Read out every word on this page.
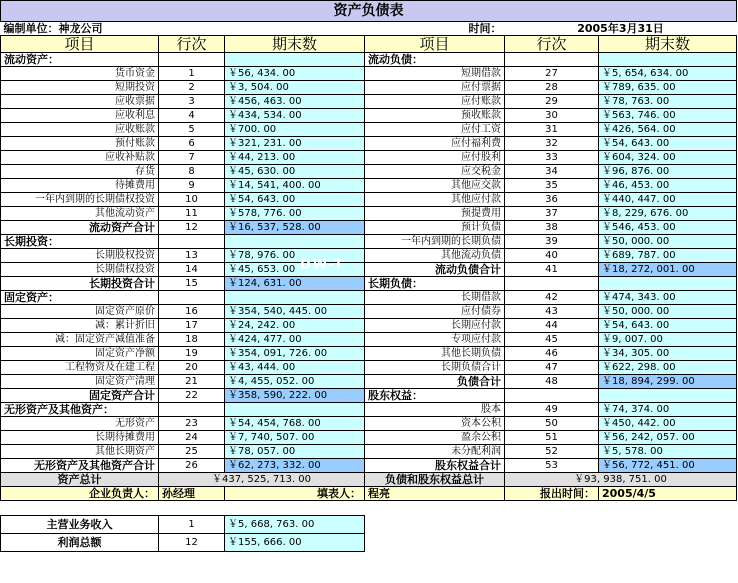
资产负债表					
编制单位：神龙公司			时间：	2005年3月31日	
项目	行次	期末数	项目	行次	期末数
流动资产：			流动负债：		
货币资金	1	￥56, 434. 00	短期借款	27	￥5, 654, 634. 00
短期投资	2	￥3, 504. 00	应付票据	28	￥789, 635. 00
应收票据	3	￥456, 463. 00	应付账款	29	￥78, 763. 00
应收利息	4	￥434, 534. 00	预收账款	30	￥563, 746. 00
应收账款	5	￥700. 00	应付工资	31	￥426, 564. 00
预付账款	6	￥321, 231. 00	应付福利费	32	￥54, 643. 00
应收补贴款	7	￥44, 213. 00	应付股利	33	￥604, 324. 00
存货	8	￥45, 630. 00	应交税金	34	￥96, 876. 00
待摊费用	9	￥14, 541, 400. 00	其他应交款	35	￥46, 453. 00
一年内到期的长期债权投资	10	￥54, 643. 00	其他应付款	36	￥440, 447. 00
其他流动资产	11	￥578, 776. 00	预提费用	37	￥8, 229, 676. 00
流动资产合计	12	￥16, 537, 528. 00	预计负债	38	￥546, 453. 00
长期投资：			一年内到期的长期负债	39	￥50, 000. 00
长期股权投资	13	￥78, 976. 00	其他流动负债	40	￥689, 787. 00
长期债权投资	14	￥45, 653. 00	流动负债合计	41	￥18, 272, 001. 00
长期投资合计	15	￥124, 631. 00	长期负债：		
固定资产：			长期借款	42	￥474, 343. 00
固定资产原价	16	￥354, 540, 445. 00	应付债券	43	￥50, 000. 00
减：累计折旧	17	￥24, 242. 00	长期应付款	44	￥54, 643. 00
减：固定资产减值准备	18	￥424, 477. 00	专项应付款	45	￥9, 007. 00
固定资产净额	19	￥354, 091, 726. 00	其他长期负债	46	￥34, 305. 00
工程物资及在建工程	20	￥43, 444. 00	长期负债合计	47	￥622, 298. 00
固定资产清理	21	￥4, 455, 052. 00	负债合计	48	￥18, 894, 299. 00
固定资产合计	22	￥358, 590, 222. 00	股东权益：		
无形资产及其他资产：			股本	49	￥74, 374. 00
无形资产	23	￥54, 454, 768. 00	资本公积	50	￥450, 442. 00
长期待摊费用	24	￥7, 740, 507. 00	盈余公积	51	￥56, 242, 057. 00
其他长期资产	25	￥78, 057. 00	未分配利润	52	￥5, 578. 00
无形资产及其他资产合计	26	￥62, 273, 332. 00	股东权益合计	53	￥56, 772, 451. 00
资产总计	￥437, 525, 713. 00		负债和股东权益总计	￥93, 938, 751. 00	
企业负责人：	孙经理	填表人：	程亮	报出时间：	2005/4/5

主营业务收入	1	￥5, 668, 763. 00			
利润总额	12	￥155, 666. 00			
DW-T
